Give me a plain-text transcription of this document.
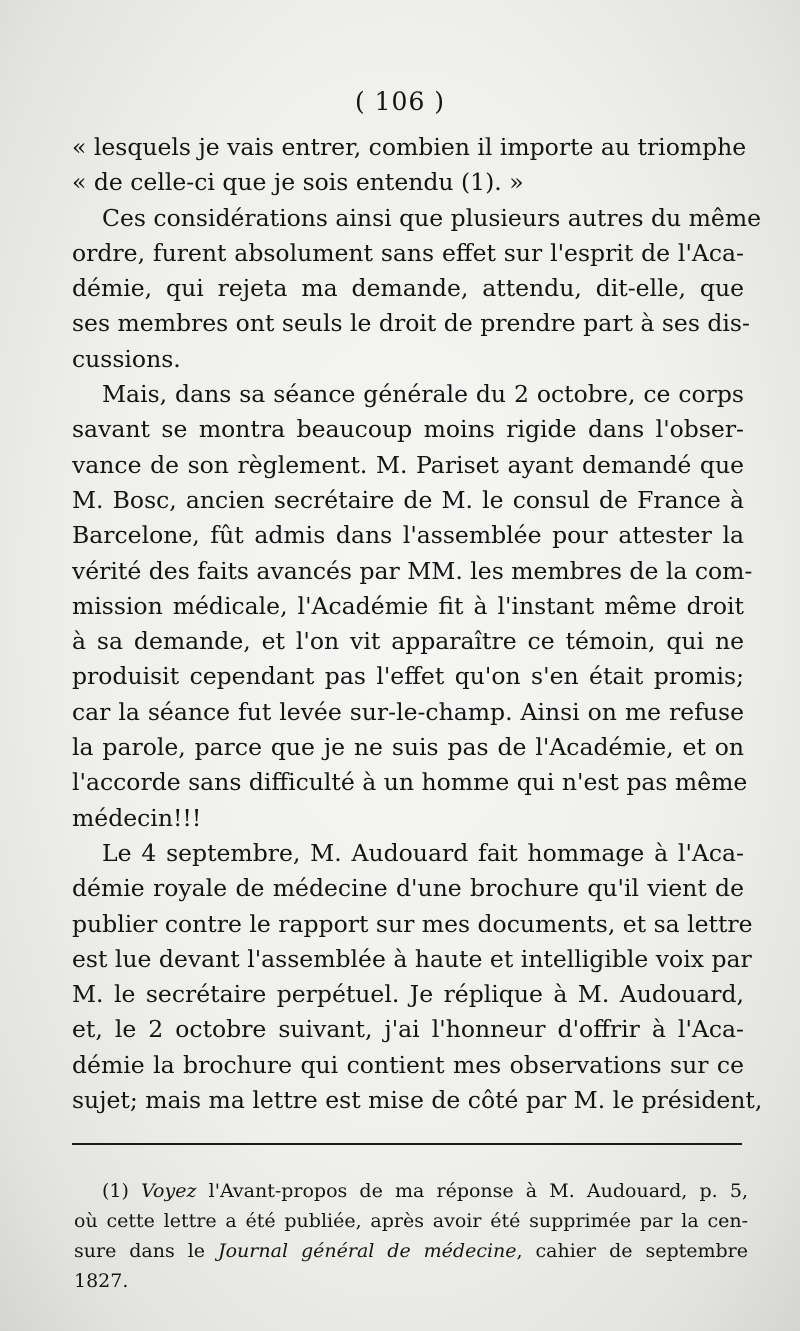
( 106 )
« lesquels je vais entrer, combien il importe au triomphe
« de celle-ci que je sois entendu (1). »
Ces considérations ainsi que plusieurs autres du même
ordre, furent absolument sans effet sur l'esprit de l'Aca-
démie, qui rejeta ma demande, attendu, dit-elle, que
ses membres ont seuls le droit de prendre part à ses dis-
cussions.
Mais, dans sa séance générale du 2 octobre, ce corps
savant se montra beaucoup moins rigide dans l'obser-
vance de son règlement. M. Pariset ayant demandé que
M. Bosc, ancien secrétaire de M. le consul de France à
Barcelone, fût admis dans l'assemblée pour attester la
vérité des faits avancés par MM. les membres de la com-
mission médicale, l'Académie fit à l'instant même droit
à sa demande, et l'on vit apparaître ce témoin, qui ne
produisit cependant pas l'effet qu'on s'en était promis;
car la séance fut levée sur-le-champ. Ainsi on me refuse
la parole, parce que je ne suis pas de l'Académie, et on
l'accorde sans difficulté à un homme qui n'est pas même
médecin!!!
Le 4 septembre, M. Audouard fait hommage à l'Aca-
démie royale de médecine d'une brochure qu'il vient de
publier contre le rapport sur mes documents, et sa lettre
est lue devant l'assemblée à haute et intelligible voix par
M. le secrétaire perpétuel. Je réplique à M. Audouard,
et, le 2 octobre suivant, j'ai l'honneur d'offrir à l'Aca-
démie la brochure qui contient mes observations sur ce
sujet; mais ma lettre est mise de côté par M. le président,
(1) Voyez l'Avant-propos de ma réponse à M. Audouard, p. 5,
où cette lettre a été publiée, après avoir été supprimée par la cen-
sure dans le Journal général de médecine, cahier de septembre
1827.
